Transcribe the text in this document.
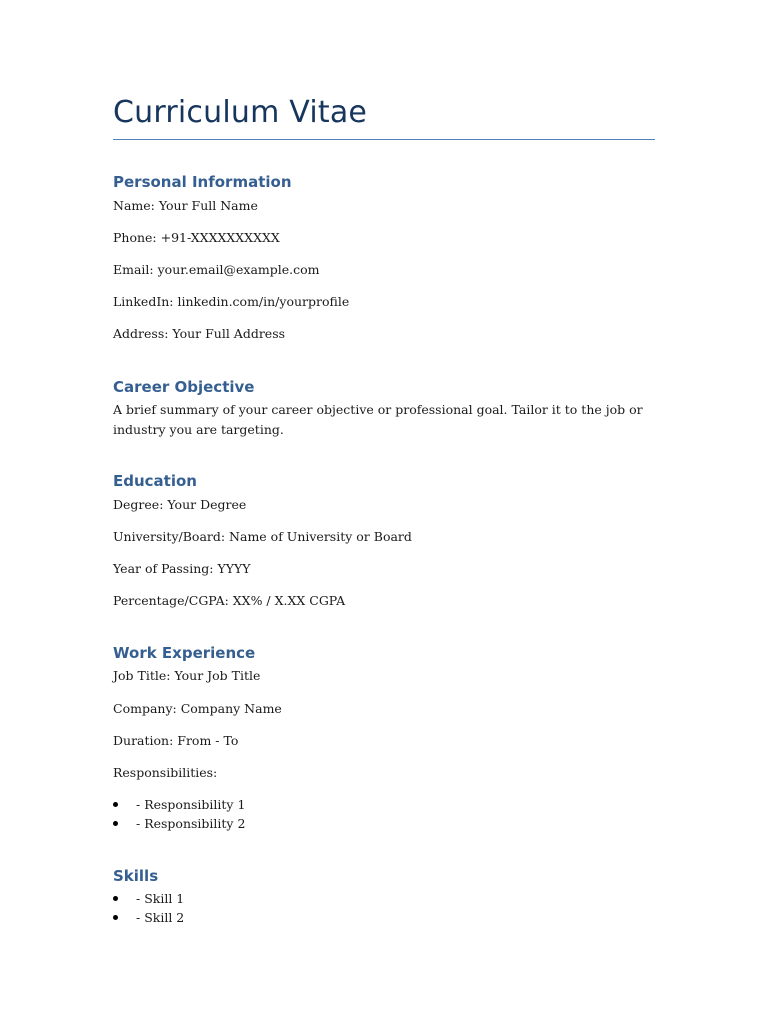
Curriculum Vitae
Personal Information

Name: Your Full Name

Phone: +91-XXXXXXXXXX

Email: your.email@example.com

LinkedIn: linkedin.com/in/yourprofile

Address: Your Full Address

Career Objective

A brief summary of your career objective or professional goal. Tailor it to the job or industry you are targeting.

Education

Degree: Your Degree

University/Board: Name of University or Board

Year of Passing: YYYY

Percentage/CGPA: XX% / X.XX CGPA

Work Experience

Job Title: Your Job Title

Company: Company Name

Duration: From - To

Responsibilities:

- Responsibility 1
- Responsibility 2
Skills
- Skill 1
- Skill 2
